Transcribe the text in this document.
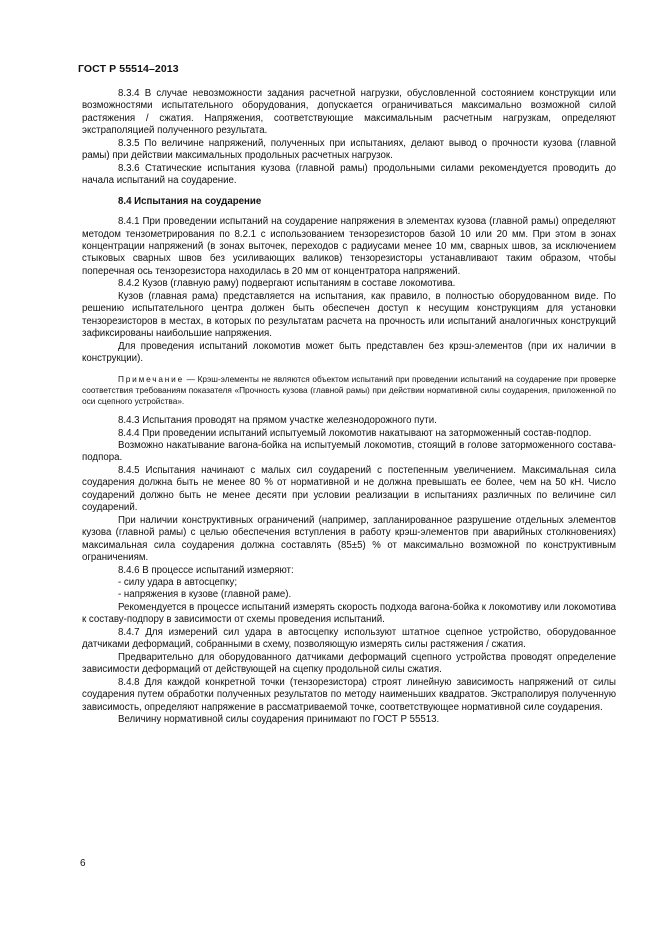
ГОСТ Р 55514–2013

8.3.4 В случае невозможности задания расчетной нагрузки, обусловленной состоянием конструкции или возможностями испытательного оборудования, допускается ограничиваться максимально возможной силой растяжения / сжатия. Напряжения, соответствующие максимальным расчетным нагрузкам, определяют экстраполяцией полученного результата.

8.3.5 По величине напряжений, полученных при испытаниях, делают вывод о прочности кузова (главной рамы) при действии максимальных продольных расчетных нагрузок.

8.3.6 Статические испытания кузова (главной рамы) продольными силами рекомендуется проводить до начала испытаний на соударение.

8.4 Испытания на соударение

8.4.1 При проведении испытаний на соударение напряжения в элементах кузова (главной рамы) определяют методом тензометрирования по 8.2.1 с использованием тензорезисторов базой 10 или 20 мм. При этом в зонах концентрации напряжений (в зонах выточек, переходов с радиусами менее 10 мм, сварных швов, за исключением стыковых сварных швов без усиливающих валиков) тензорезисторы устанавливают таким образом, чтобы поперечная ось тензорезистора находилась в 20 мм от концентратора напряжений.

8.4.2 Кузов (главную раму) подвергают испытаниям в составе локомотива.

Кузов (главная рама) представляется на испытания, как правило, в полностью оборудованном виде. По решению испытательного центра должен быть обеспечен доступ к несущим конструкциям для установки тензорезисторов в местах, в которых по результатам расчета на прочность или испытаний аналогичных конструкций зафиксированы наибольшие напряжения.

Для проведения испытаний локомотив может быть представлен без крэш-элементов (при их наличии в конструкции).

Примечание — Крэш-элементы не являются объектом испытаний при проведении испытаний на соударение при проверке соответствия требованиям показателя «Прочность кузова (главной рамы) при действии нормативной силы соударения, приложенной по оси сцепного устройства».

8.4.3 Испытания проводят на прямом участке железнодорожного пути.

8.4.4 При проведении испытаний испытуемый локомотив накатывают на заторможенный состав-подпор.

Возможно накатывание вагона-бойка на испытуемый локомотив, стоящий в голове заторможенного состава-подпора.

8.4.5 Испытания начинают с малых сил соударений с постепенным увеличением. Максимальная сила соударения должна быть не менее 80 % от нормативной и не должна превышать ее более, чем на 50 кН. Число соударений должно быть не менее десяти при условии реализации в испытаниях различных по величине сил соударений.

При наличии конструктивных ограничений (например, запланированное разрушение отдельных элементов кузова (главной рамы) с целью обеспечения вступления в работу крэш-элементов при аварийных столкновениях) максимальная сила соударения должна составлять (85±5) % от максимально возможной по конструктивным ограничениям.

8.4.6 В процессе испытаний измеряют:

- силу удара в автосцепку;

- напряжения в кузове (главной раме).

Рекомендуется в процессе испытаний измерять скорость подхода вагона-бойка к локомотиву или локомотива к составу-подпору в зависимости от схемы проведения испытаний.

8.4.7 Для измерений сил удара в автосцепку используют штатное сцепное устройство, оборудованное датчиками деформаций, собранными в схему, позволяющую измерять силы растяжения / сжатия.

Предварительно для оборудованного датчиками деформаций сцепного устройства проводят определение зависимости деформаций от действующей на сцепку продольной силы сжатия.

8.4.8 Для каждой конкретной точки (тензорезистора) строят линейную зависимость напряжений от силы соударения путем обработки полученных результатов по методу наименьших квадратов. Экстраполируя полученную зависимость, определяют напряжение в рассматриваемой точке, соответствующее нормативной силе соударения.

Величину нормативной силы соударения принимают по ГОСТ Р 55513.

6
